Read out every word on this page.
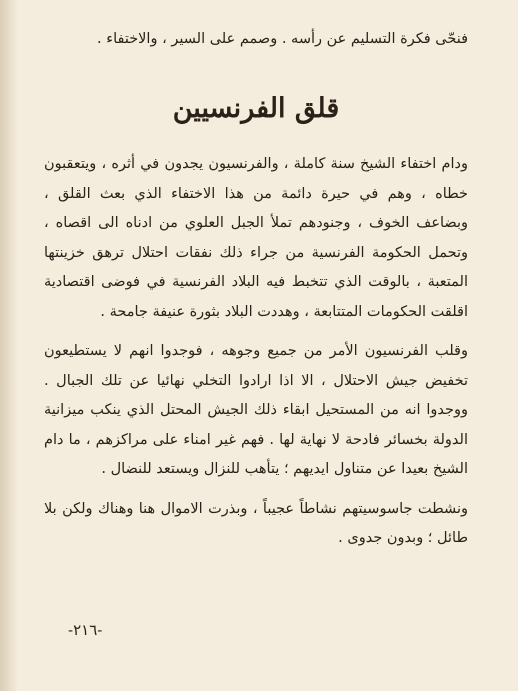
فنحّى فكرة التسليم عن رأسه . وصمم على السير ، والاختفاء .

قلق الفرنسيين

ودام اختفاء الشيخ سنة كاملة ، والفرنسيون يجدون في أثره ، ويتعقبون خطاه ، وهم في حيرة دائمة من هذا الاختفاء الذي بعث القلق ، وبضاعف الخوف ، وجنودهم تملأ الجبل العلوي من ادناه الى اقصاه ، وتحمل الحكومة الفرنسية من جراء ذلك نفقات احتلال ترهق خزينتها المتعبة ، بالوقت الذي تتخبط فيه البلاد الفرنسية في فوضى اقتصادية اقلقت الحكومات المتتابعة ، وهددت البلاد بثورة عنيفة جامحة .

وقلب الفرنسيون الأمر من جميع وجوهه ، فوجدوا انهم لا يستطيعون تخفيض جيش الاحتلال ، الا اذا ارادوا التخلي نهائيا عن تلك الجبال . ووجدوا انه من المستحيل ابقاء ذلك الجيش المحتل الذي ينكب ميزانية الدولة بخسائر فادحة لا نهاية لها . فهم غير امناء على مراكزهم ، ما دام الشيخ بعيدا عن متناول ايديهم ؛ يتأهب للنزال ويستعد للنضال .

ونشطت جاسوسيتهم نشاطاً عجيباً ، وبذرت الاموال هنا وهناك ولكن بلا طائل ؛ وبدون جدوى .

-٢١٦-
